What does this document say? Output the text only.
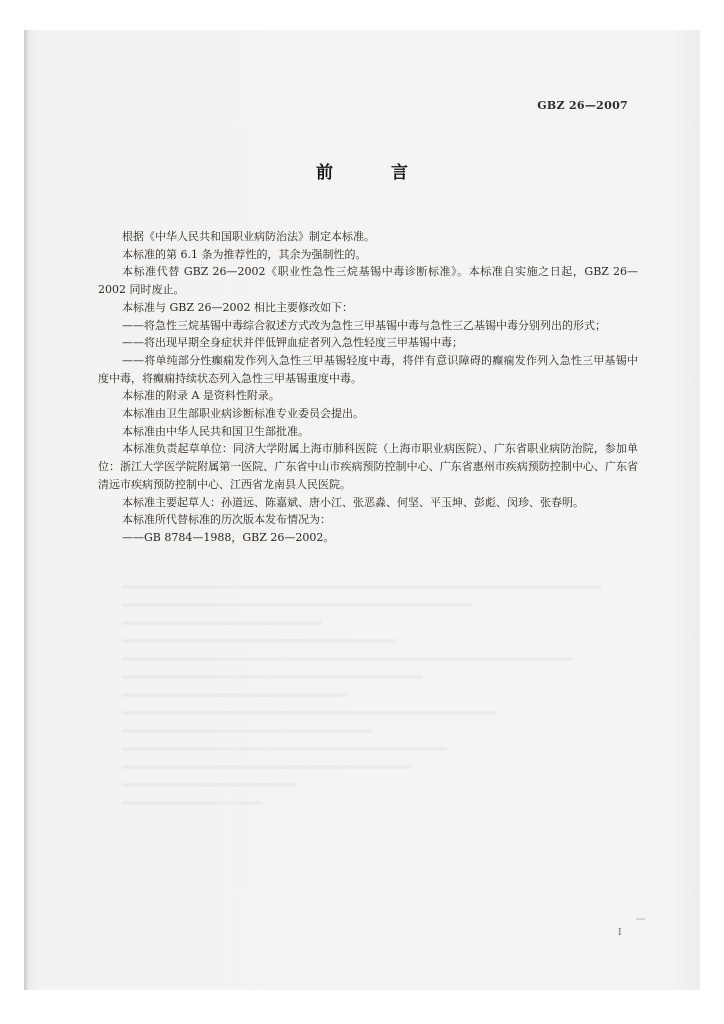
GBZ 26—2007
前 言

根据《中华人民共和国职业病防治法》制定本标准。

本标准的第 6.1 条为推荐性的，其余为强制性的。

本标准代替 GBZ 26—2002《职业性急性三烷基锡中毒诊断标准》。本标准自实施之日起，GBZ 26—2002 同时废止。

本标准与 GBZ 26—2002 相比主要修改如下：

——将急性三烷基锡中毒综合叙述方式改为急性三甲基锡中毒与急性三乙基锡中毒分别列出的形式；

——将出现早期全身症状并伴低钾血症者列入急性轻度三甲基锡中毒；

——将单纯部分性癫痫发作列入急性三甲基锡轻度中毒，将伴有意识障碍的癫痫发作列入急性三甲基锡中度中毒，将癫痫持续状态列入急性三甲基锡重度中毒。

本标准的附录 A 是资料性附录。

本标准由卫生部职业病诊断标准专业委员会提出。

本标准由中华人民共和国卫生部批准。

本标准负责起草单位：同济大学附属上海市肺科医院（上海市职业病医院）、广东省职业病防治院，参加单位：浙江大学医学院附属第一医院、广东省中山市疾病预防控制中心、广东省惠州市疾病预防控制中心、广东省清远市疾病预防控制中心、江西省龙南县人民医院。

本标准主要起草人：孙道远、陈嘉斌、唐小江、张恶淼、何坚、平玉坤、彭彪、闵珍、张春明。

本标准所代替标准的历次版本发布情况为：

——GB 8784—1988，GBZ 26—2002。

I
